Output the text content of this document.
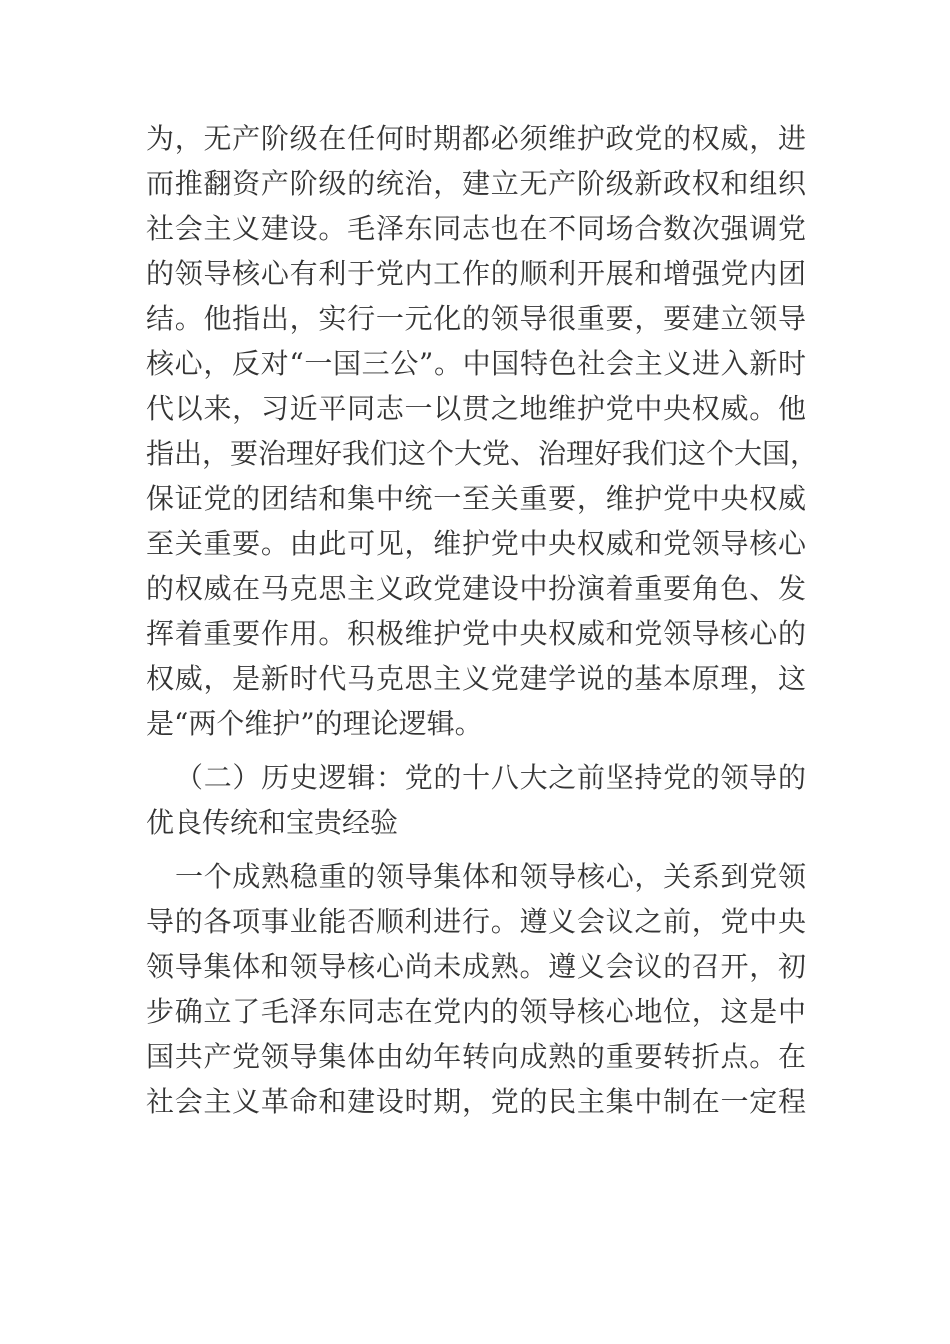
为，无产阶级在任何时期都必须维护政党的权威，进

而推翻资产阶级的统治，建立无产阶级新政权和组织

社会主义建设。毛泽东同志也在不同场合数次强调党

的领导核心有利于党内工作的顺利开展和增强党内团

结。他指出，实行一元化的领导很重要，要建立领导

核心，反对“一国三公”。中国特色社会主义进入新时

代以来，习近平同志一以贯之地维护党中央权威。他

指出，要治理好我们这个大党、治理好我们这个大国，

保证党的团结和集中统一至关重要，维护党中央权威

至关重要。由此可见，维护党中央权威和党领导核心

的权威在马克思主义政党建设中扮演着重要角色、发

挥着重要作用。积极维护党中央权威和党领导核心的

权威，是新时代马克思主义党建学说的基本原理，这

是“两个维护”的理论逻辑。

（二）历史逻辑：党的十八大之前坚持党的领导的

优良传统和宝贵经验

一个成熟稳重的领导集体和领导核心，关系到党领

导的各项事业能否顺利进行。遵义会议之前，党中央

领导集体和领导核心尚未成熟。遵义会议的召开，初

步确立了毛泽东同志在党内的领导核心地位，这是中

国共产党领导集体由幼年转向成熟的重要转折点。在

社会主义革命和建设时期，党的民主集中制在一定程
